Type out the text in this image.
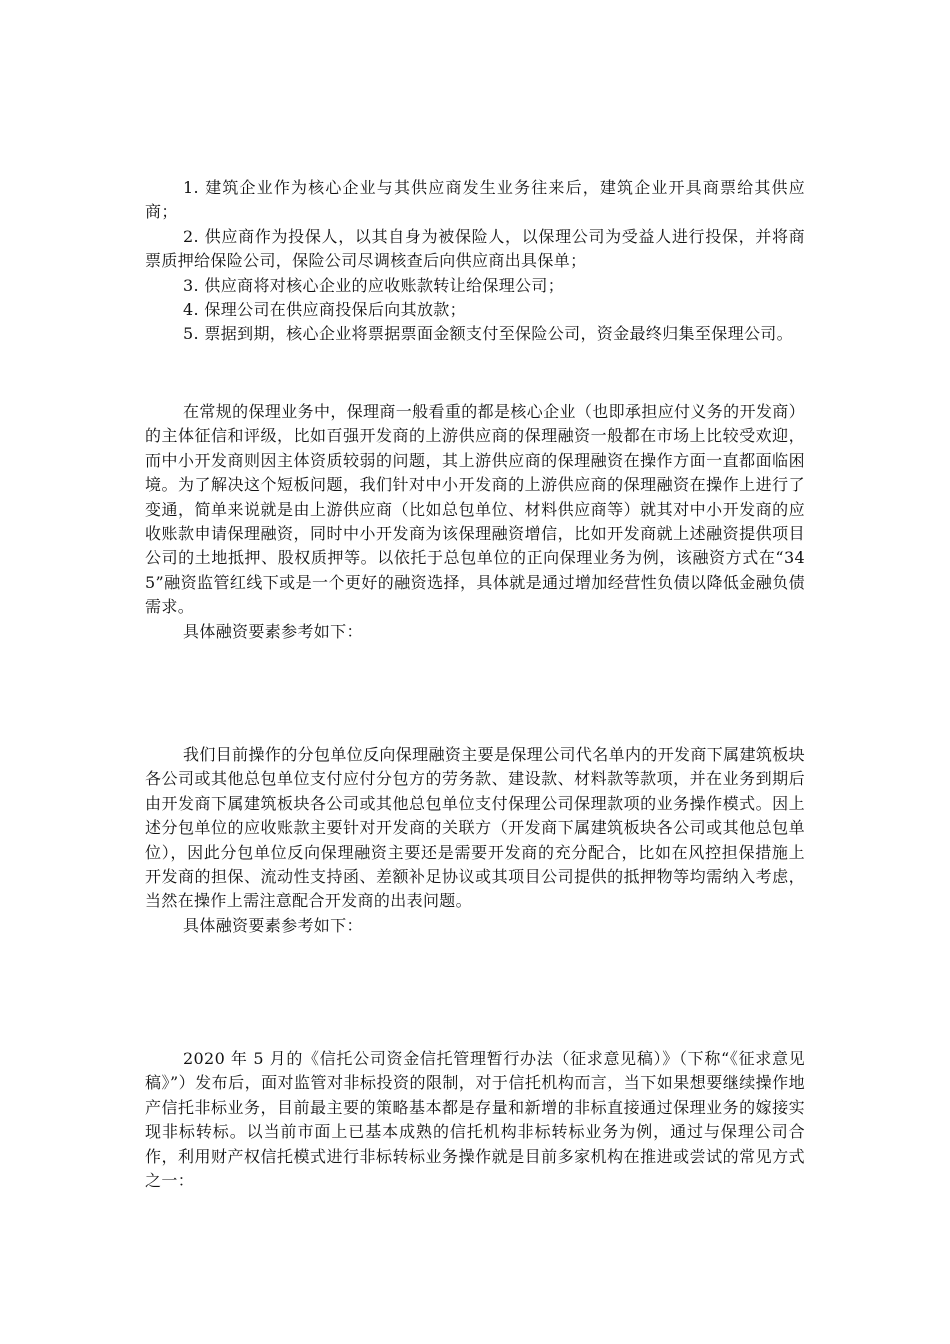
1. 建筑企业作为核心企业与其供应商发生业务往来后，建筑企业开具商票给其供应商；

2. 供应商作为投保人，以其自身为被保险人，以保理公司为受益人进行投保，并将商票质押给保险公司，保险公司尽调核查后向供应商出具保单；

3. 供应商将对核心企业的应收账款转让给保理公司；

4. 保理公司在供应商投保后向其放款；

5. 票据到期，核心企业将票据票面金额支付至保险公司，资金最终归集至保理公司。

在常规的保理业务中，保理商一般看重的都是核心企业（也即承担应付义务的开发商）的主体征信和评级，比如百强开发商的上游供应商的保理融资一般都在市场上比较受欢迎，而中小开发商则因主体资质较弱的问题，其上游供应商的保理融资在操作方面一直都面临困境。为了解决这个短板问题，我们针对中小开发商的上游供应商的保理融资在操作上进行了变通，简单来说就是由上游供应商（比如总包单位、材料供应商等）就其对中小开发商的应收账款申请保理融资，同时中小开发商为该保理融资增信，比如开发商就上述融资提供项目公司的土地抵押、股权质押等。以依托于总包单位的正向保理业务为例，该融资方式在“345”融资监管红线下或是一个更好的融资选择，具体就是通过增加经营性负债以降低金融负债需求。

具体融资要素参考如下：

我们目前操作的分包单位反向保理融资主要是保理公司代名单内的开发商下属建筑板块各公司或其他总包单位支付应付分包方的劳务款、建设款、材料款等款项，并在业务到期后由开发商下属建筑板块各公司或其他总包单位支付保理公司保理款项的业务操作模式。因上述分包单位的应收账款主要针对开发商的关联方（开发商下属建筑板块各公司或其他总包单位），因此分包单位反向保理融资主要还是需要开发商的充分配合，比如在风控担保措施上开发商的担保、流动性支持函、差额补足协议或其项目公司提供的抵押物等均需纳入考虑，当然在操作上需注意配合开发商的出表问题。

具体融资要素参考如下：

2020 年 5 月的《信托公司资金信托管理暂行办法（征求意见稿）》（下称“《征求意见稿》”）发布后，面对监管对非标投资的限制，对于信托机构而言，当下如果想要继续操作地产信托非标业务，目前最主要的策略基本都是存量和新增的非标直接通过保理业务的嫁接实现非标转标。以当前市面上已基本成熟的信托机构非标转标业务为例，通过与保理公司合作，利用财产权信托模式进行非标转标业务操作就是目前多家机构在推进或尝试的常见方式之一：
